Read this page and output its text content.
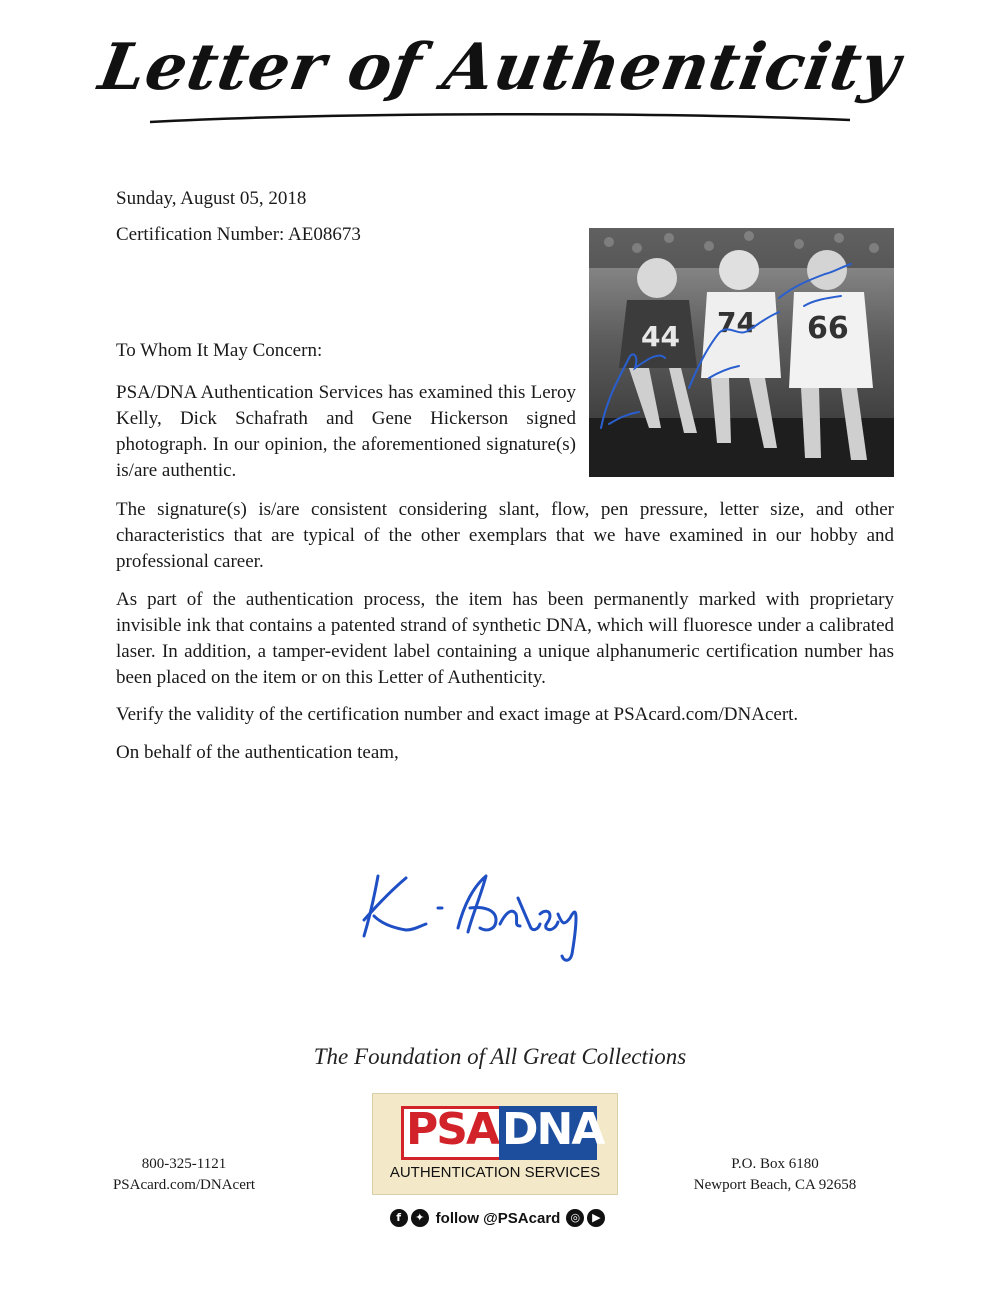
Letter of Authenticity
Sunday, August 05, 2018
Certification Number: AE08673
44 74 66
To Whom It May Concern:

PSA/DNA Authentication Services has examined this Leroy Kelly, Dick Schafrath and Gene Hickerson signed photograph. In our opinion, the aforementioned signature(s) is/are authentic.

The signature(s) is/are consistent considering slant, flow, pen pressure, letter size, and other characteristics that are typical of the other exemplars that we have examined in our hobby and professional career.

As part of the authentication process, the item has been permanently marked with proprietary invisible ink that contains a patented strand of synthetic DNA, which will fluoresce under a calibrated laser. In addition, a tamper-evident label containing a unique alphanumeric certification number has been placed on the item or on this Letter of Authenticity.

Verify the validity of the certification number and exact image at PSAcard.com/DNAcert.
On behalf of the authentication team,
The Foundation of All Great Collections
800-325-1121
PSAcard.com/DNAcert
PSA DNA
AUTHENTICATION SERVICES
f	✦ follow @PSAcard ◎	▶
P.O. Box 6180
Newport Beach, CA 92658
